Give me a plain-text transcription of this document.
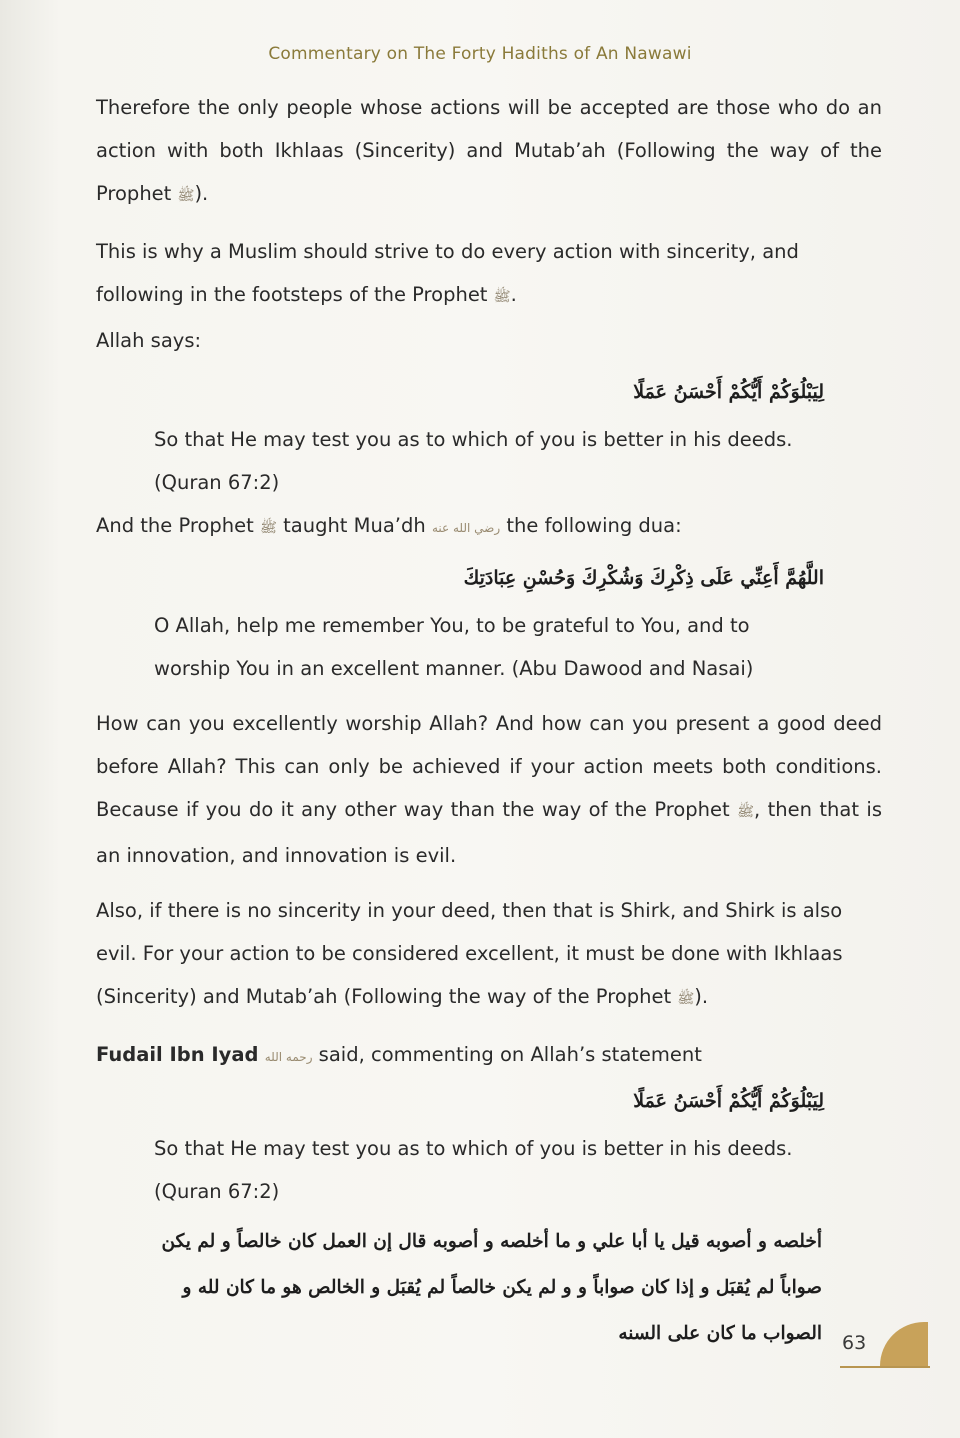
Commentary on The Forty Hadiths of An Nawawi

Therefore the only people whose actions will be accepted are those who do an action with both Ikhlaas (Sincerity) and Mutab’ah (Following the way of the Prophet ﷺ).

This is why a Muslim should strive to do every action with sincerity, and following in the footsteps of the Prophet ﷺ.

Allah says:

لِيَبْلُوَكُمْ أَيُّكُمْ أَحْسَنُ عَمَلًا

So that He may test you as to which of you is better in his deeds. (Quran 67:2)

And the Prophet ﷺ taught Mua’dh رضي الله عنه the following dua:

اللَّهُمَّ أَعِنِّي عَلَى ذِكْرِكَ وَشُكْرِكَ وَحُسْنِ عِبَادَتِكَ

O Allah, help me remember You, to be grateful to You, and to worship You in an excellent manner. (Abu Dawood and Nasai)

How can you excellently worship Allah? And how can you present a good deed before Allah? This can only be achieved if your action meets both conditions. Because if you do it any other way than the way of the Prophet ﷺ, then that is an innovation, and innovation is evil.

Also, if there is no sincerity in your deed, then that is Shirk, and Shirk is also evil. For your action to be considered excellent, it must be done with Ikhlaas (Sincerity) and Mutab’ah (Following the way of the Prophet ﷺ).

Fudail Ibn Iyad رحمه الله said, commenting on Allah’s statement

لِيَبْلُوَكُمْ أَيُّكُمْ أَحْسَنُ عَمَلًا

So that He may test you as to which of you is better in his deeds. (Quran 67:2)

أخلصه و أصوبه قيل يا أبا علي و ما أخلصه و أصوبه قال إن العمل كان خالصاً و لم يكن صواباً لم يُقبَل و إذا كان صواباً و و لم يكن خالصاً لم يُقبَل و الخالص هو ما كان لله و الصواب ما كان على السنه	63
